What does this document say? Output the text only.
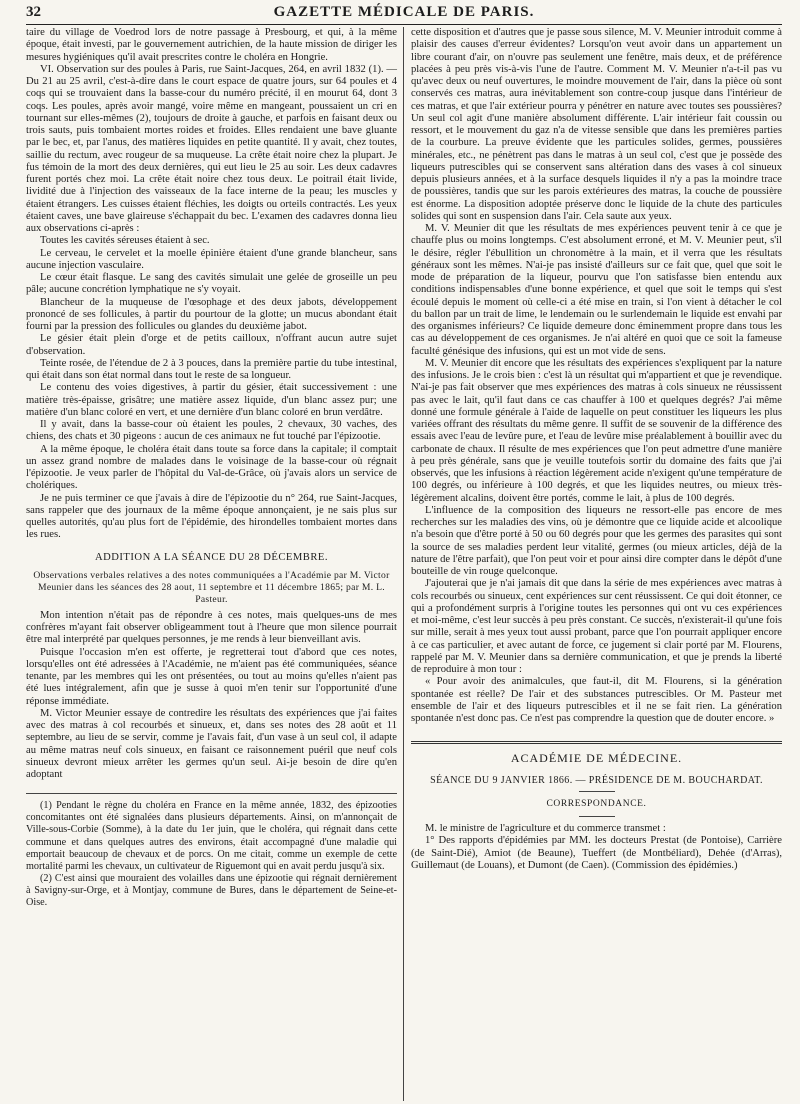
32	GAZETTE MÉDICALE DE PARIS.

taire du village de Voedrod lors de notre passage à Presbourg, et qui, à la même époque, était investi, par le gouvernement autrichien, de la haute mission de diriger les mesures hygiéniques qu'il avait prescrites contre le choléra en Hongrie.

VI. Observation sur des poules à Paris, rue Saint-Jacques, 264, en avril 1832 (1). — Du 21 au 25 avril, c'est-à-dire dans le court espace de quatre jours, sur 64 poules et 4 coqs qui se trouvaient dans la basse-cour du numéro précité, il en mourut 64, dont 3 coqs. Les poules, après avoir mangé, voire même en mangeant, poussaient un cri en tournant sur elles-mêmes (2), toujours de droite à gauche, et parfois en faisant deux ou trois sauts, puis tombaient mortes roides et froides. Elles rendaient une bave gluante par le bec, et, par l'anus, des matières liquides en petite quantité. Il y avait, chez toutes, saillie du rectum, avec rougeur de sa muqueuse. La crête était noire chez la plupart. Je fus témoin de la mort des deux dernières, qui eut lieu le 25 au soir. Les deux cadavres furent portés chez moi. La crête était noire chez tous deux. Le poitrail était livide, lividité due à l'injection des vaisseaux de la face interne de la peau; les muscles y étaient étrangers. Les cuisses étaient fléchies, les doigts ou orteils contractés. Les yeux étaient caves, une bave glaireuse s'échappait du bec. L'examen des cadavres donna lieu aux observations ci-après :

Toutes les cavités séreuses étaient à sec.

Le cerveau, le cervelet et la moelle épinière étaient d'une grande blancheur, sans aucune injection vasculaire.

Le cœur était flasque. Le sang des cavités simulait une gelée de groseille un peu pâle; aucune concrétion lymphatique ne s'y voyait.

Blancheur de la muqueuse de l'œsophage et des deux jabots, développement prononcé de ses follicules, à partir du pourtour de la glotte; un mucus abondant était fourni par la pression des follicules ou glandes du deuxième jabot.

Le gésier était plein d'orge et de petits cailloux, n'offrant aucun autre sujet d'observation.

Teinte rosée, de l'étendue de 2 à 3 pouces, dans la première partie du tube intestinal, qui était dans son état normal dans tout le reste de sa longueur.

Le contenu des voies digestives, à partir du gésier, était successivement : une matière très-épaisse, grisâtre; une matière assez liquide, d'un blanc assez pur; une matière d'un blanc coloré en vert, et une dernière d'un blanc coloré en brun verdâtre.

Il y avait, dans la basse-cour où étaient les poules, 2 chevaux, 30 vaches, des chiens, des chats et 30 pigeons : aucun de ces animaux ne fut touché par l'épizootie.

A la même époque, le choléra était dans toute sa force dans la capitale; il comptait un assez grand nombre de malades dans le voisinage de la basse-cour où régnait l'épizootie. Je veux parler de l'hôpital du Val-de-Grâce, où j'avais alors un service de cholériques.

Je ne puis terminer ce que j'avais à dire de l'épizootie du n° 264, rue Saint-Jacques, sans rappeler que des journaux de la même époque annonçaient, je ne sais plus sur quelles autorités, qu'au plus fort de l'épidémie, des hirondelles tombaient mortes dans les rues.

ADDITION A LA SÉANCE DU 28 DÉCEMBRE.
Observations verbales relatives a des notes communiquées a l'Académie par M. Victor Meunier dans les séances des 28 aout, 11 septembre et 11 décembre 1865; par M. L. Pasteur.

Mon intention n'était pas de répondre à ces notes, mais quelques-uns de mes confrères m'ayant fait observer obligeamment tout à l'heure que mon silence pourrait être mal interprété par quelques personnes, je me rends à leur bienveillant avis.

Puisque l'occasion m'en est offerte, je regretterai tout d'abord que ces notes, lorsqu'elles ont été adressées à l'Académie, ne m'aient pas été communiquées, séance tenante, par les membres qui les ont présentées, ou tout au moins qu'elles n'aient pas été lues intégralement, afin que je susse à quoi m'en tenir sur l'opportunité d'une réponse immédiate.

M. Victor Meunier essaye de contredire les résultats des expériences que j'ai faites avec des matras à col recourbés et sinueux, et, dans ses notes des 28 août et 11 septembre, au lieu de se servir, comme je l'avais fait, d'un vase à un seul col, il adapte au même matras neuf cols sinueux, en faisant ce raisonnement puéril que neuf cols sinueux devront mieux arrêter les germes qu'un seul. Ai-je besoin de dire qu'en adoptant

(1) Pendant le règne du choléra en France en la même année, 1832, des épizooties concomitantes ont été signalées dans plusieurs départements. Ainsi, on m'annonçait de Ville-sous-Corbie (Somme), à la date du 1er juin, que le choléra, qui régnait dans cette commune et dans quelques autres des environs, était accompagné d'une maladie qui emportait beaucoup de chevaux et de porcs. On me citait, comme un exemple de cette mortalité parmi les chevaux, un cultivateur de Riguemont qui en avait perdu jusqu'à six.

(2) C'est ainsi que mouraient des volailles dans une épizootie qui régnait dernièrement à Savigny-sur-Orge, et à Montjay, commune de Bures, dans le département de Seine-et-Oise.

cette disposition et d'autres que je passe sous silence, M. V. Meunier introduit comme à plaisir des causes d'erreur évidentes? Lorsqu'on veut avoir dans un appartement un libre courant d'air, on n'ouvre pas seulement une fenêtre, mais deux, et de préférence placées à peu près vis-à-vis l'une de l'autre. Comment M. V. Meunier n'a-t-il pas vu qu'avec deux ou neuf ouvertures, le moindre mouvement de l'air, dans la pièce où sont conservés ces matras, aura inévitablement son contre-coup jusque dans l'intérieur de ces matras, et que l'air extérieur pourra y pénétrer en nature avec toutes ses poussières? Un seul col agit d'une manière absolument différente. L'air intérieur fait coussin ou ressort, et le mouvement du gaz n'a de vitesse sensible que dans les premières parties de la courbure. La preuve évidente que les particules solides, germes, poussières minérales, etc., ne pénètrent pas dans le matras à un seul col, c'est que je possède des liqueurs putrescibles qui se conservent sans altération dans des vases à col sinueux depuis plusieurs années, et à la surface desquels liquides il n'y a pas la moindre trace de poussières, tandis que sur les parois extérieures des matras, la couche de poussière est énorme. La disposition adoptée préserve donc le liquide de la chute des particules solides qui sont en suspension dans l'air. Cela saute aux yeux.

M. V. Meunier dit que les résultats de mes expériences peuvent tenir à ce que je chauffe plus ou moins longtemps. C'est absolument erroné, et M. V. Meunier peut, s'il le désire, régler l'ébullition un chronomètre à la main, et il verra que les résultats généraux sont les mêmes. N'ai-je pas insisté d'ailleurs sur ce fait que, quel que soit le mode de préparation de la liqueur, pourvu que l'on satisfasse bien entendu aux conditions indispensables d'une bonne expérience, et quel que soit le temps qui s'est écoulé depuis le moment où celle-ci a été mise en train, si l'on vient à détacher le col du ballon par un trait de lime, le lendemain ou le surlendemain le liquide est envahi par des organismes inférieurs? Ce liquide demeure donc éminemment propre dans tous les cas au développement de ces organismes. Je n'ai altéré en quoi que ce soit la fameuse faculté génésique des infusions, qui est un mot vide de sens.

M. V. Meunier dit encore que les résultats des expériences s'expliquent par la nature des infusions. Je le crois bien : c'est là un résultat qui m'appartient et que je revendique. N'ai-je pas fait observer que mes expériences des matras à cols sinueux ne réussissent pas avec le lait, qu'il faut dans ce cas chauffer à 100 et quelques degrés? J'ai même donné une formule générale à l'aide de laquelle on peut constituer les liqueurs les plus variées offrant des résultats du même genre. Il suffit de se souvenir de la différence des essais avec l'eau de levûre pure, et l'eau de levûre mise préalablement à bouillir avec du carbonate de chaux. Il résulte de mes expériences que l'on peut admettre d'une manière à peu près générale, sans que je veuille toutefois sortir du domaine des faits que j'ai observés, que les infusions à réaction légèrement acide n'exigent qu'une température de 100 degrés, ou inférieure à 100 degrés, et que les liquides neutres, ou mieux très-légèrement alcalins, doivent être portés, comme le lait, à plus de 100 degrés.

L'influence de la composition des liqueurs ne ressort-elle pas encore de mes recherches sur les maladies des vins, où je démontre que ce liquide acide et alcoolique n'a besoin que d'être porté à 50 ou 60 degrés pour que les germes des parasites qui sont la source de ses maladies perdent leur vitalité, germes (ou mieux articles, déjà de la nature de l'être parfait), que l'on peut voir et pour ainsi dire compter dans le dépôt d'une bouteille de vin rouge quelconque.

J'ajouterai que je n'ai jamais dit que dans la série de mes expériences avec matras à cols recourbés ou sinueux, cent expériences sur cent réussissent. Ce qui doit étonner, ce qui a profondément surpris à l'origine toutes les personnes qui ont vu ces expériences et moi-même, c'est leur succès à peu près constant. Ce succès, n'existerait-il qu'une fois sur mille, serait à mes yeux tout aussi probant, parce que l'on pourrait appliquer encore à ce cas particulier, et avec autant de force, ce jugement si clair porté par M. Flourens, rappelé par M. V. Meunier dans sa dernière communication, et que je prends la liberté de reproduire à mon tour :

« Pour avoir des animalcules, que faut-il, dit M. Flourens, si la génération spontanée est réelle? De l'air et des substances putrescibles. Or M. Pasteur met ensemble de l'air et des liqueurs putrescibles et il ne se fait rien. La génération spontanée n'est donc pas. Ce n'est pas comprendre la question que de douter encore. »

ACADÉMIE DE MÉDECINE.
SÉANCE DU 9 JANVIER 1866. — PRÉSIDENCE DE M. BOUCHARDAT.
CORRESPONDANCE.

M. le ministre de l'agriculture et du commerce transmet :

1° Des rapports d'épidémies par MM. les docteurs Prestat (de Pontoise), Carrière (de Saint-Dié), Amiot (de Beaune), Tueffert (de Montbéliard), Dehée (d'Arras), Guillemaut (de Louans), et Dumont (de Caen). (Commission des épidémies.)
